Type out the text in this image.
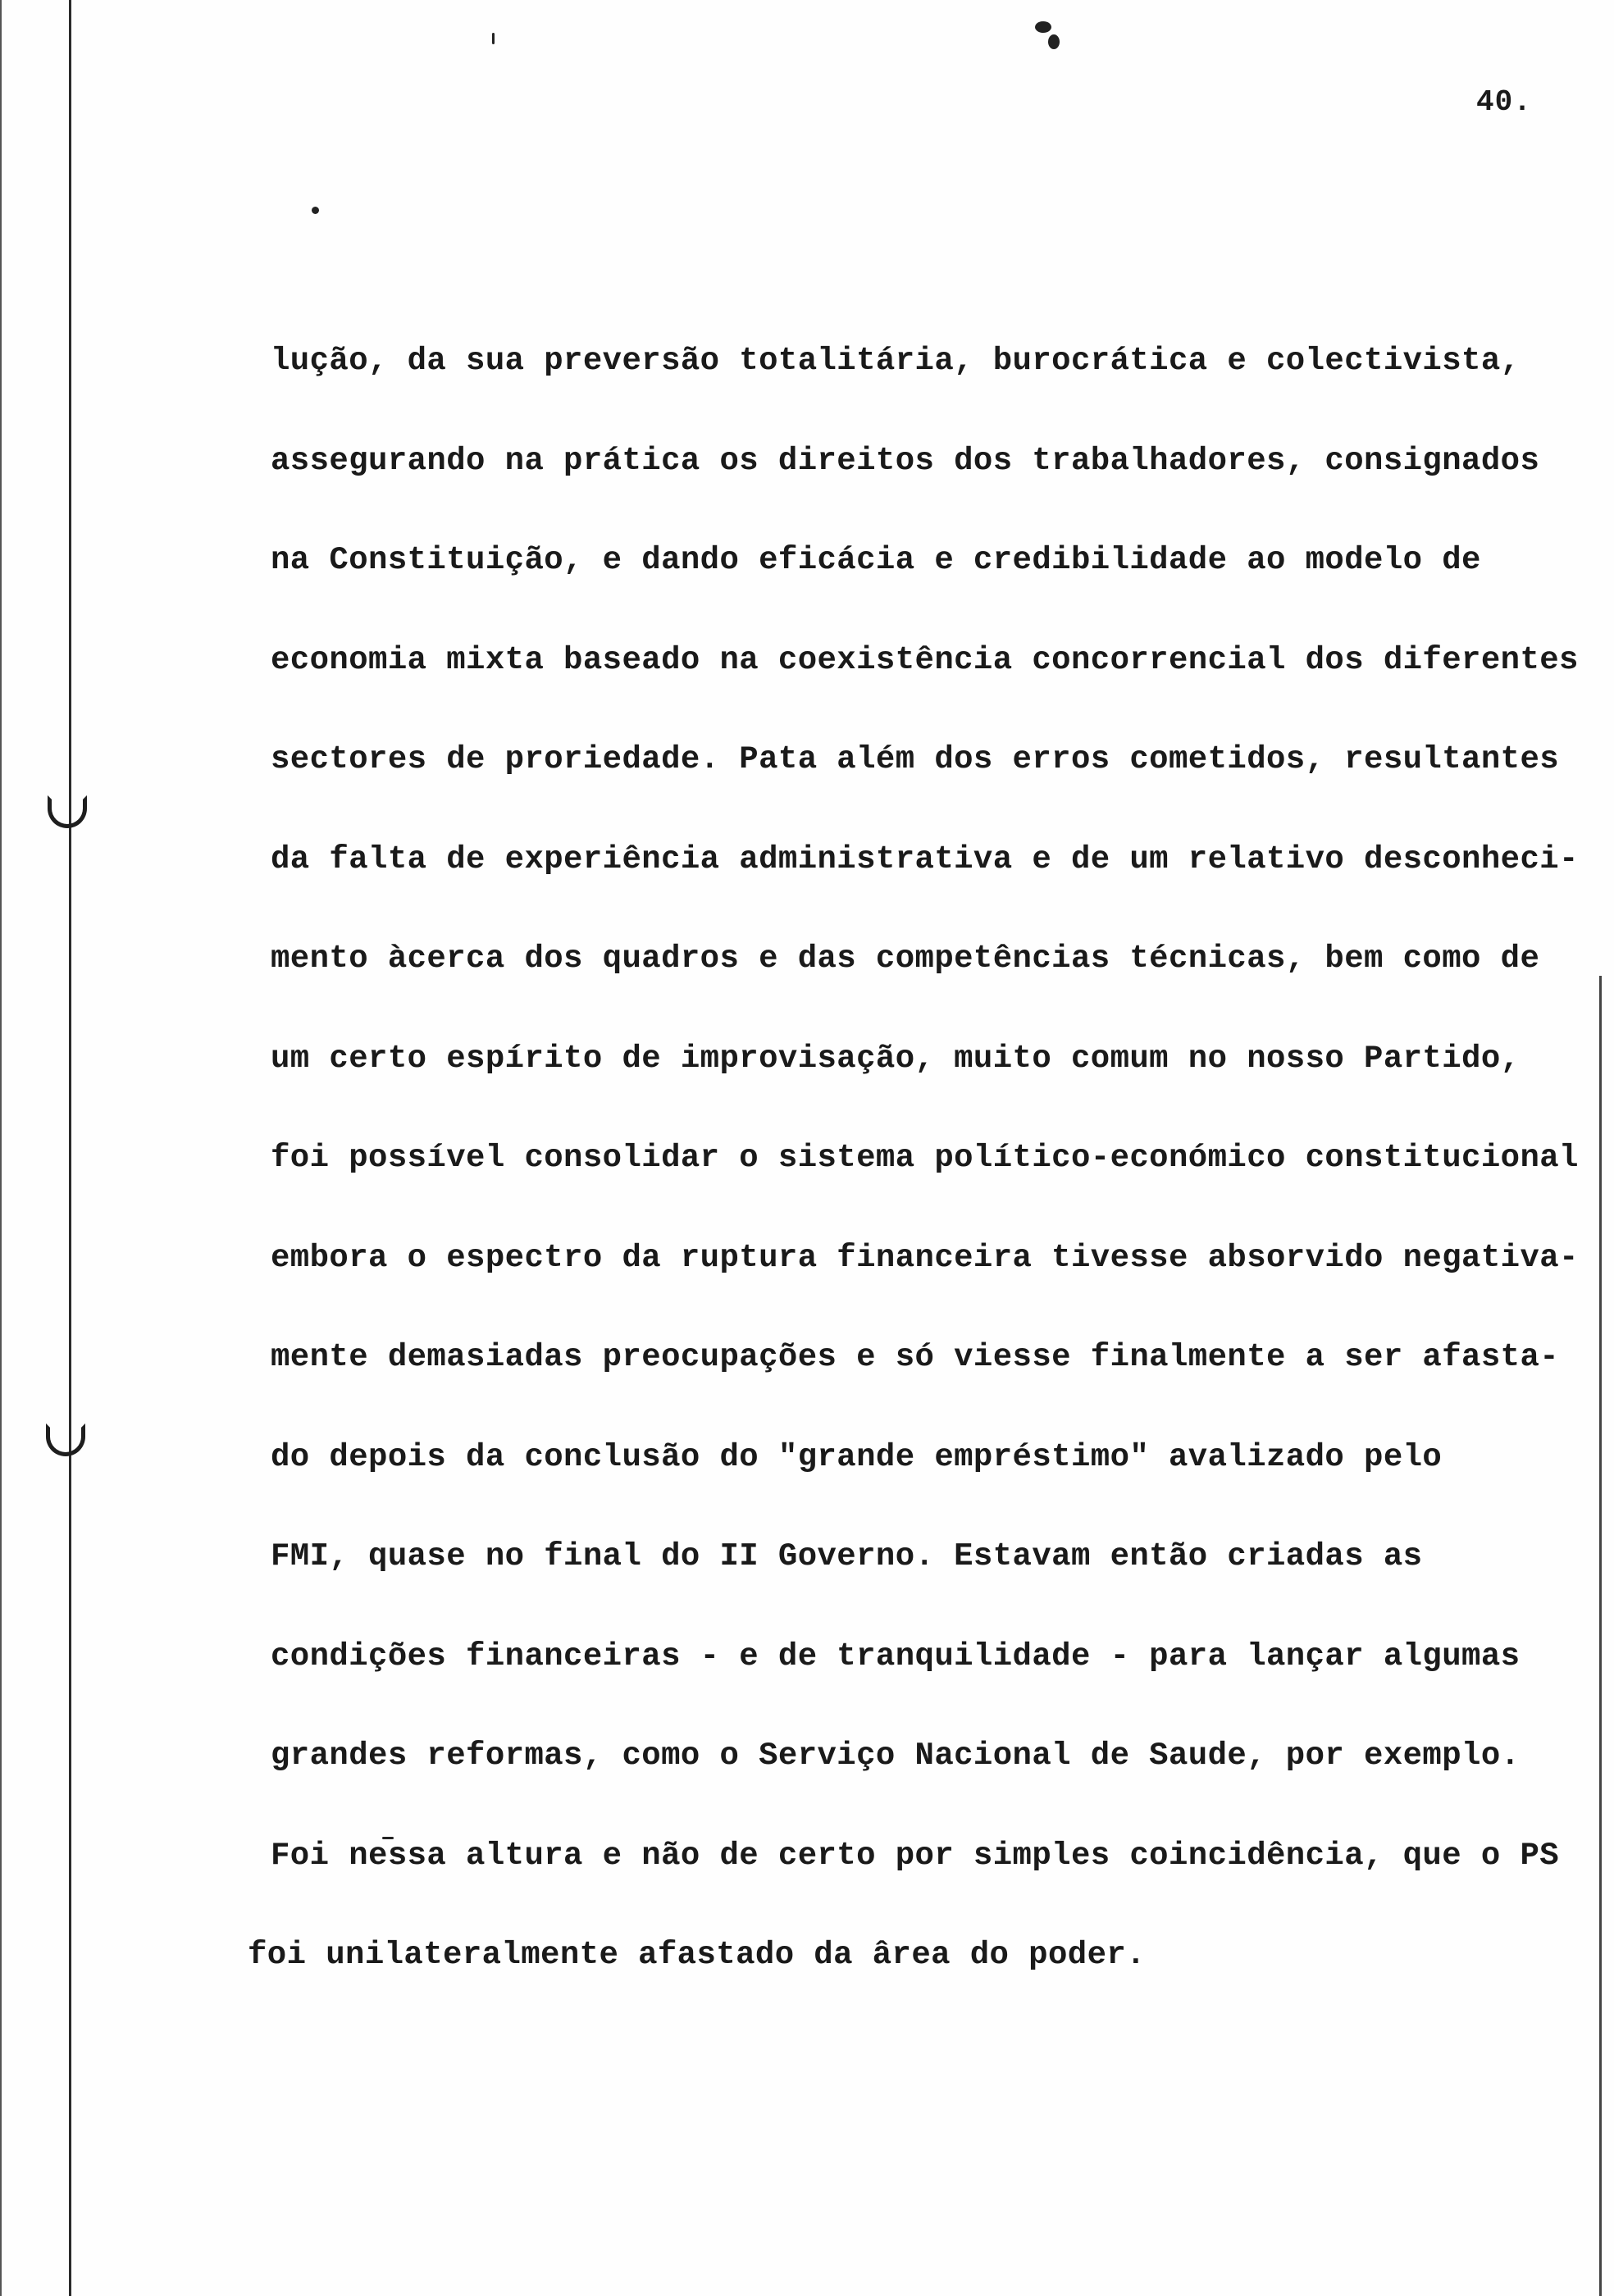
40.
lução, da sua preversão totalitária, burocrática e colectivista,
assegurando na prática os direitos dos trabalhadores, consignados
na Constituição, e dando eficácia e credibilidade ao modelo de
economia mixta baseado na coexistência concorrencial dos diferentes
sectores de proriedade. Pata além dos erros cometidos, resultantes
da falta de experiência administrativa e de um relativo desconheci-
mento àcerca dos quadros e das competências técnicas, bem como de
um certo espírito de improvisação, muito comum no nosso Partido,
foi possível consolidar o sistema político-económico constitucional
embora o espectro da ruptura financeira tivesse absorvido negativa-
mente demasiadas preocupações e só viesse finalmente a ser afasta-
do depois da conclusão do "grande empréstimo" avalizado pelo
FMI, quase no final do II Governo. Estavam então criadas as
condições financeiras - e de tranquilidade - para lançar algumas
grandes reformas, como o Serviço Nacional de Saude, por exemplo.
Foi nessa altura e não de certo por simples coincidência, que o PS
foi unilateralmente afastado da ârea do poder.
